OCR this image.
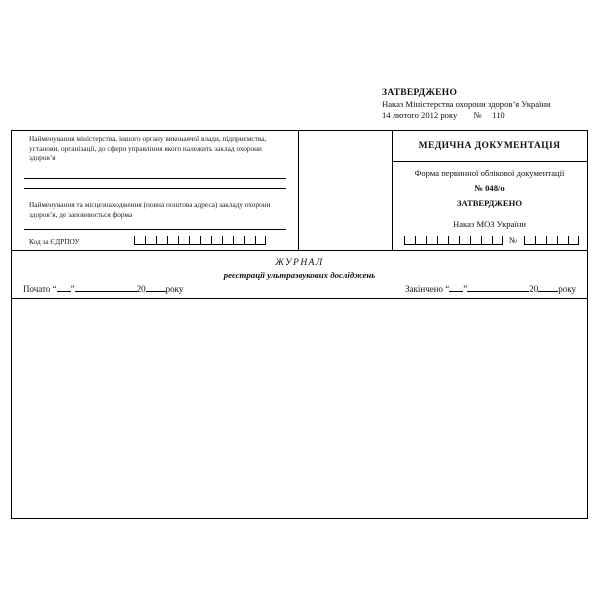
ЗАТВЕРДЖЕНО
Наказ Міністерства охорони здоров’я України
14 лютого 2012 року № 110
Найменування міністерства, іншого органу виконавчої влади, підприємства, установи, організації, до сфери управління якого належить заклад охорони здоров’я
Найменування та місцезнаходження (повна поштова адреса) закладу охорони здоров’я, де заповнюється форма
Код за ЄДРПОУ
МЕДИЧНА ДОКУМЕНТАЦІЯ
Форма первинної облікової документації
№ 048/о
ЗАТВЕРДЖЕНО
Наказ МОЗ України
№
ЖУРНАЛ
реєстрації ультразвукових досліджень
Почато “ ”	20 року	Закінчено “ ”	20 року
